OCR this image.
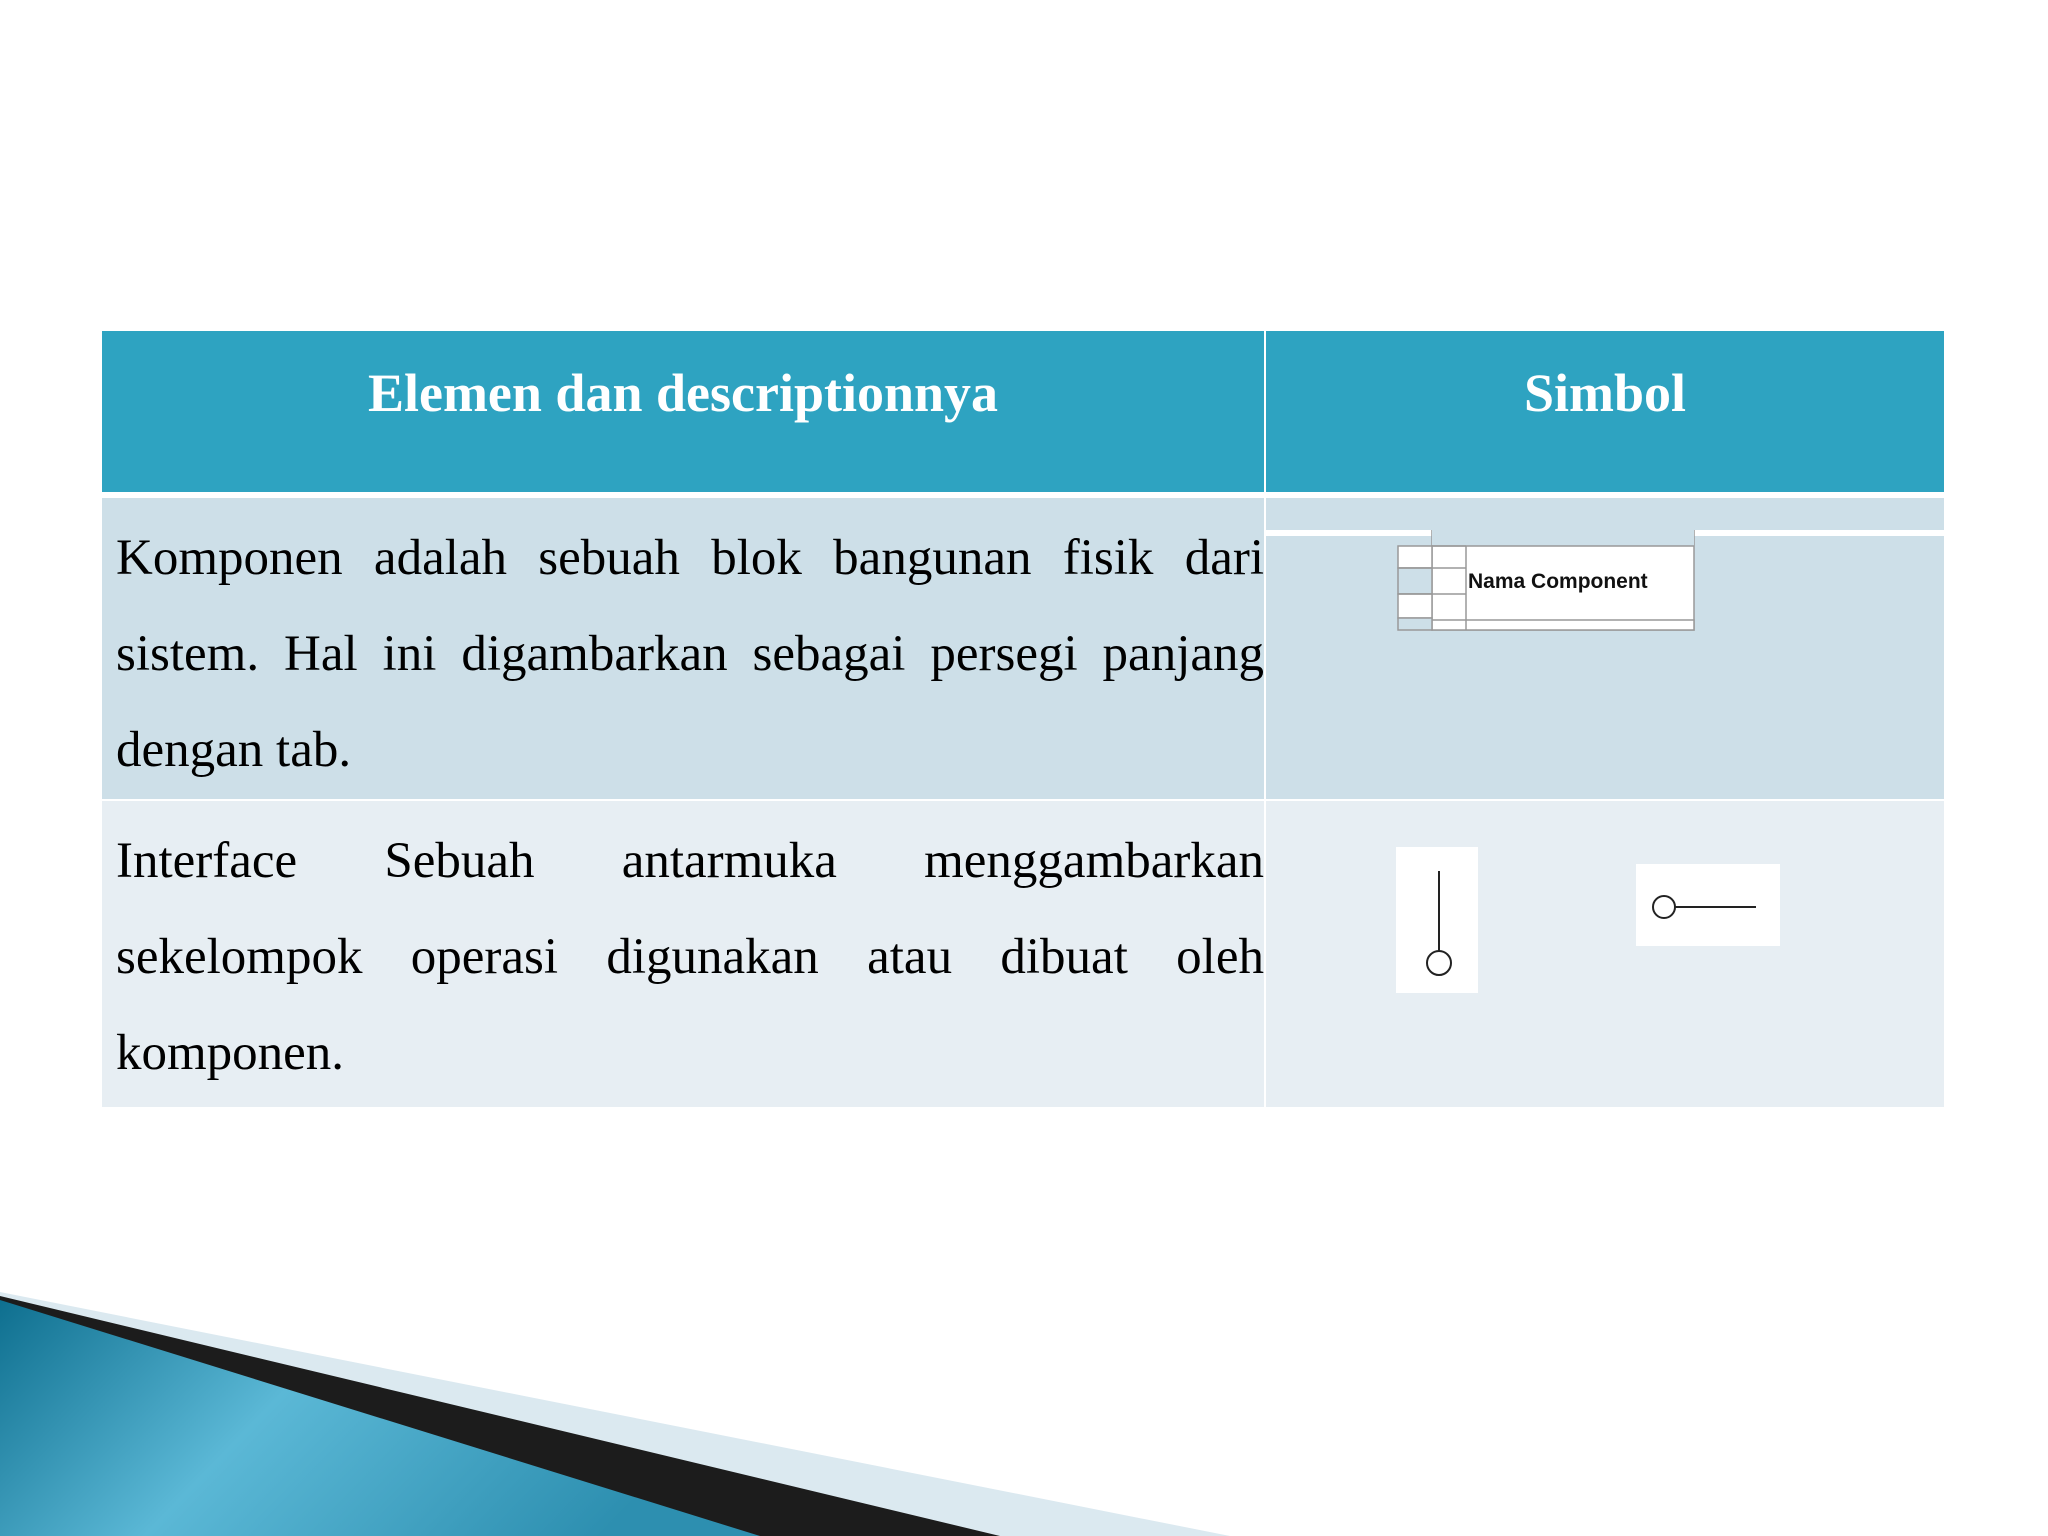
Elemen dan descriptionnya	Simbol
Komponen adalah sebuah blok bangunan fisik dari sistem. Hal ini digambarkan sebagai persegi panjang dengan tab.
Nama Component
Interface Sebuah antarmuka menggambarkan sekelompok operasi digunakan atau dibuat oleh komponen.
